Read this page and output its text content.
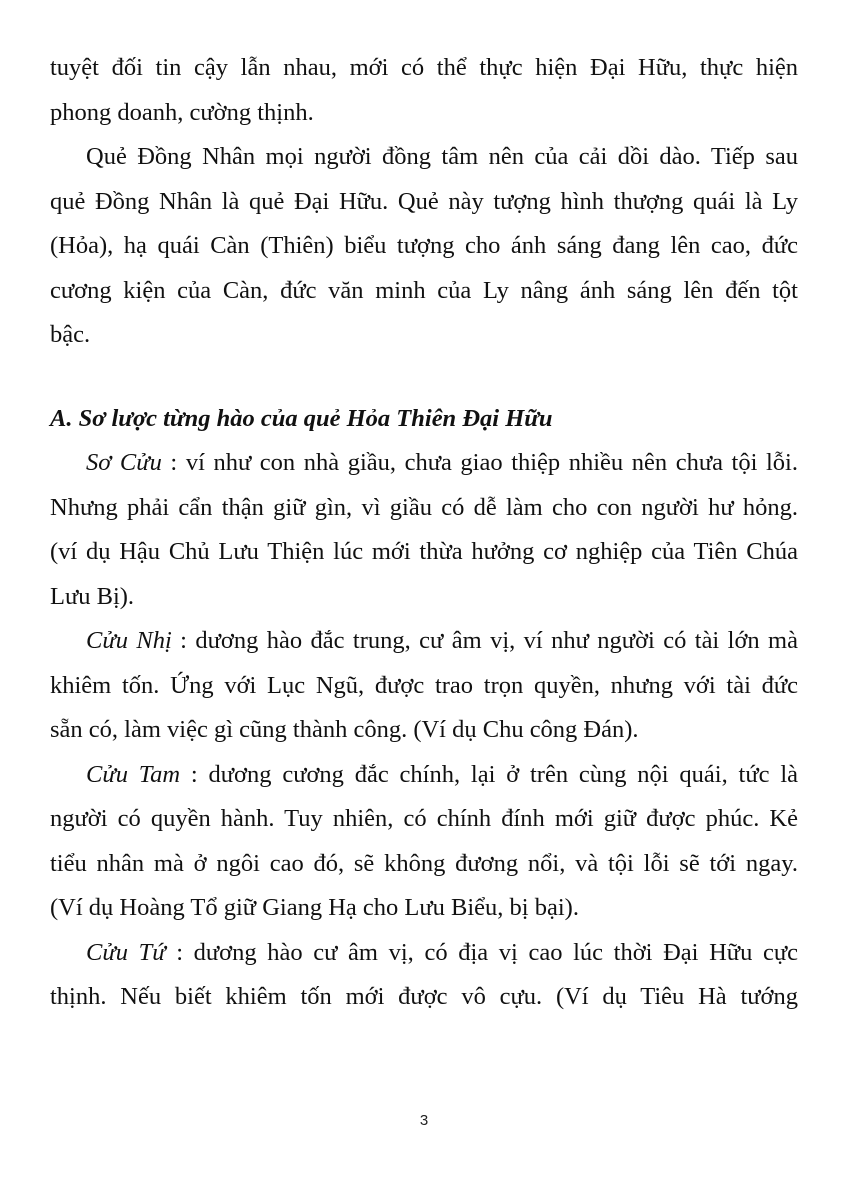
tuyệt đối tin cậy lẫn nhau, mới có thể thực hiện Đại Hữu, thực hiện
phong doanh, cường thịnh.
Quẻ Đồng Nhân mọi người đồng tâm nên của cải dồi dào. Tiếp sau
quẻ Đồng Nhân là quẻ Đại Hữu. Quẻ này tượng hình thượng quái là Ly
(Hỏa), hạ quái Càn (Thiên) biểu tượng cho ánh sáng đang lên cao, đức
cương kiện của Càn, đức văn minh của Ly nâng ánh sáng lên đến tột
bậc.
A. Sơ lược từng hào của quẻ Hỏa Thiên Đại Hữu
Sơ Cửu : ví như con nhà giầu, chưa giao thiệp nhiều nên chưa tội lỗi.
Nhưng phải cẩn thận giữ gìn, vì giầu có dễ làm cho con người hư hỏng.
(ví dụ Hậu Chủ Lưu Thiện lúc mới thừa hưởng cơ nghiệp của Tiên Chúa
Lưu Bị).
Cửu Nhị : dương hào đắc trung, cư âm vị, ví như người có tài lớn mà
khiêm tốn. Ứng với Lục Ngũ, được trao trọn quyền, nhưng với tài đức
sẵn có, làm việc gì cũng thành công. (Ví dụ Chu công Đán).
Cửu Tam : dương cương đắc chính, lại ở trên cùng nội quái, tức là
người có quyền hành. Tuy nhiên, có chính đính mới giữ được phúc. Kẻ
tiểu nhân mà ở ngôi cao đó, sẽ không đương nổi, và tội lỗi sẽ tới ngay.
(Ví dụ Hoàng Tổ giữ Giang Hạ cho Lưu Biểu, bị bại).
Cửu Tứ : dương hào cư âm vị, có địa vị cao lúc thời Đại Hữu cực
thịnh. Nếu biết khiêm tốn mới được vô cựu. (Ví dụ Tiêu Hà tướng
3
